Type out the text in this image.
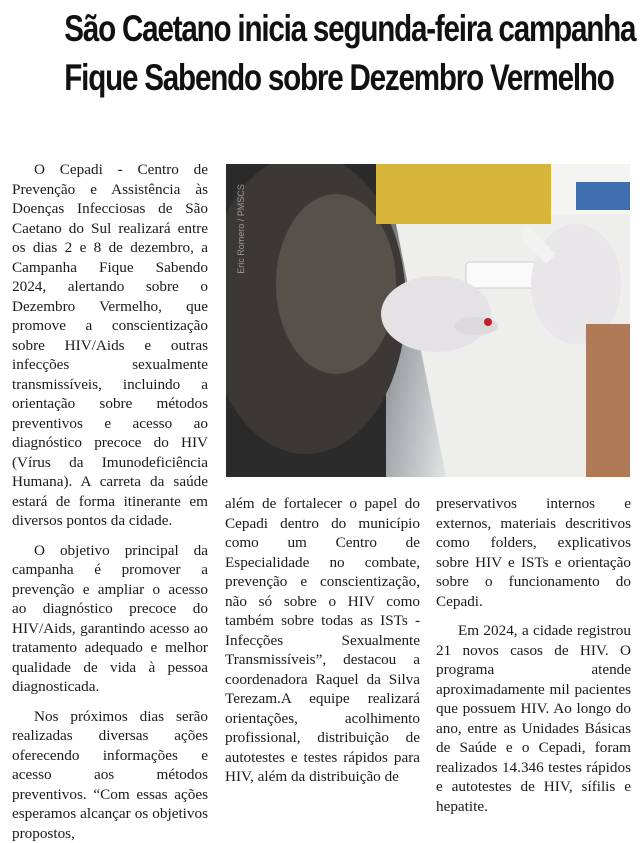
São Caetano inicia segunda-feira campanha
Fique Sabendo sobre Dezembro Vermelho

O Cepadi - Centro de Prevenção e Assistência às Doenças Infecciosas de São Caetano do Sul realizará entre os dias 2 e 8 de dezembro, a Campanha Fique Sabendo 2024, alertando sobre o Dezembro Vermelho, que promove a conscientização sobre HIV/Aids e outras infecções sexualmente transmissíveis, incluindo a orientação sobre métodos preventivos e acesso ao diagnóstico precoce do HIV (Vírus da Imunodeficiência Humana). A carreta da saúde estará de forma itinerante em diversos pontos da cidade.

O objetivo principal da campanha é promover a prevenção e ampliar o acesso ao diagnóstico precoce do HIV/Aids, garantindo acesso ao tratamento adequado e melhor qualidade de vida à pessoa diagnosticada.

Nos próximos dias serão realizadas diversas ações oferecendo informações e acesso aos métodos preventivos. “Com essas ações esperamos alcançar os objetivos propostos,

Eric Romero / PMSCS

além de fortalecer o papel do Cepadi dentro do município como um Centro de Especialidade no combate, prevenção e conscientização, não só sobre o HIV como também sobre todas as ISTs - Infecções Sexualmente Transmissíveis”, destacou a coordenadora Raquel da Silva Terezam.A equipe realizará orientações, acolhimento profissional, distribuição de autotestes e testes rápidos para HIV, além da distribuição de

preservativos internos e externos, materiais descritivos como folders, explicativos sobre HIV e ISTs e orientação sobre o funcionamento do Cepadi.

Em 2024, a cidade registrou 21 novos casos de HIV. O programa atende aproximadamente mil pacientes que possuem HIV. Ao longo do ano, entre as Unidades Básicas de Saúde e o Cepadi, foram realizados 14.346 testes rápidos e autotestes de HIV, sífilis e hepatite.
